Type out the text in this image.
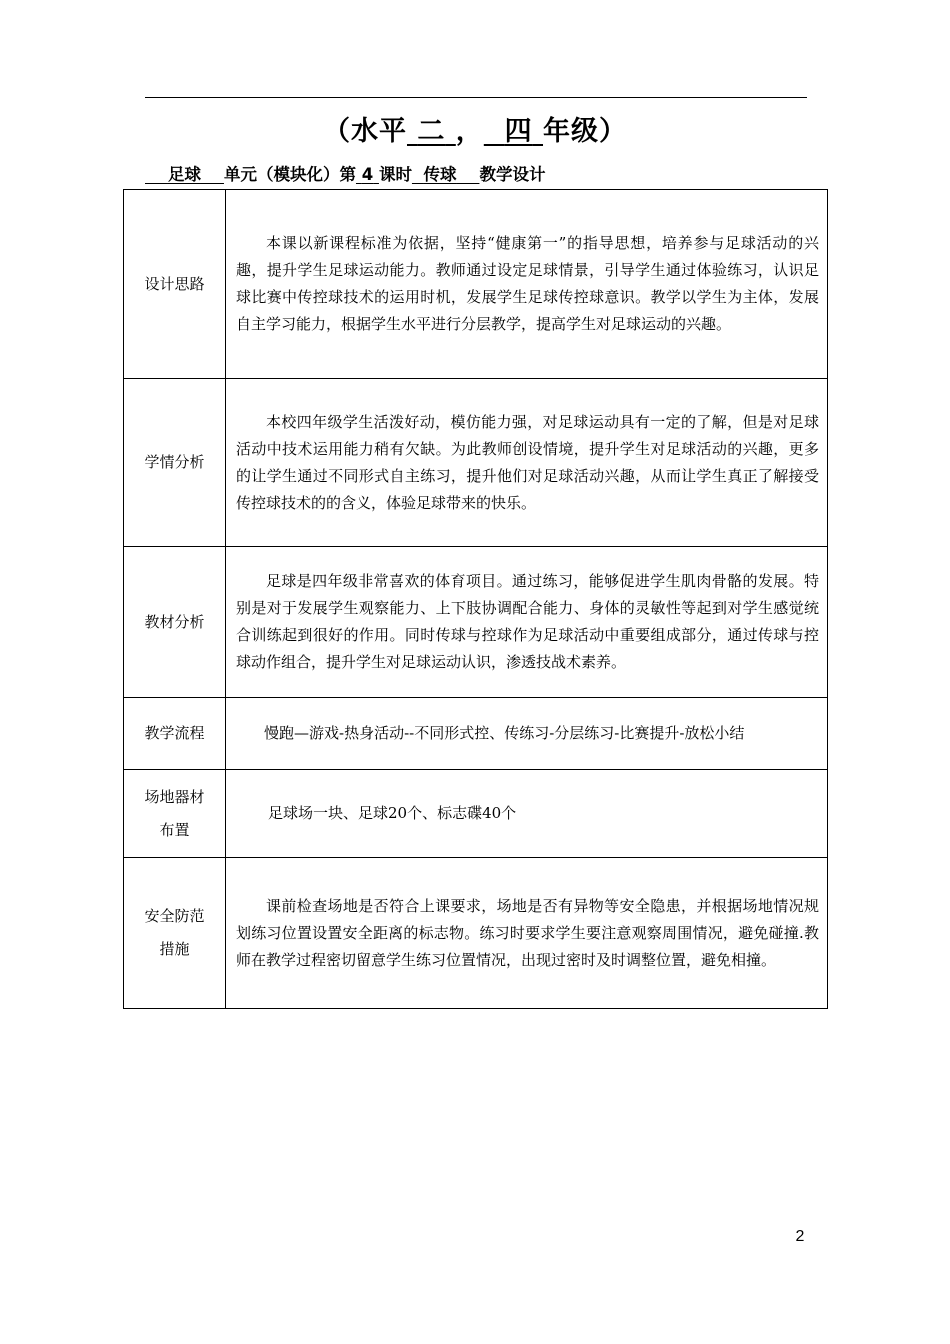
（水平 二 ， 四 年级）
足球 单元（模块化）第 4 课时 传球 教学设计
设计思路	本课以新课程标准为依据，坚持“健康第一”的指导思想，培养参与足球活动的兴趣，提升学生足球运动能力。教师通过设定足球情景，引导学生通过体验练习，认识足球比赛中传控球技术的运用时机，发展学生足球传控球意识。教学以学生为主体，发展自主学习能力，根据学生水平进行分层教学，提高学生对足球运动的兴趣。

学情分析	本校四年级学生活泼好动，模仿能力强，对足球运动具有一定的了解，但是对足球活动中技术运用能力稍有欠缺。为此教师创设情境，提升学生对足球活动的兴趣，更多的让学生通过不同形式自主练习，提升他们对足球活动兴趣，从而让学生真正了解接受传控球技术的的含义，体验足球带来的快乐。

教材分析	足球是四年级非常喜欢的体育项目。通过练习，能够促进学生肌肉骨骼的发展。特别是对于发展学生观察能力、上下肢协调配合能力、身体的灵敏性等起到对学生感觉统合训练起到很好的作用。同时传球与控球作为足球活动中重要组成部分，通过传球与控球动作组合，提升学生对足球运动认识，渗透技战术素养。

教学流程	慢跑—游戏-热身活动--不同形式控、传练习-分层练习-比赛提升-放松小结

场地器材
布置	足球场一块、足球20个、标志碟40个

安全防范
措施	课前检查场地是否符合上课要求，场地是否有异物等安全隐患，并根据场地情况规划练习位置设置安全距离的标志物。练习时要求学生要注意观察周围情况，避免碰撞.教师在教学过程密切留意学生练习位置情况，出现过密时及时调整位置，避免相撞。

2
